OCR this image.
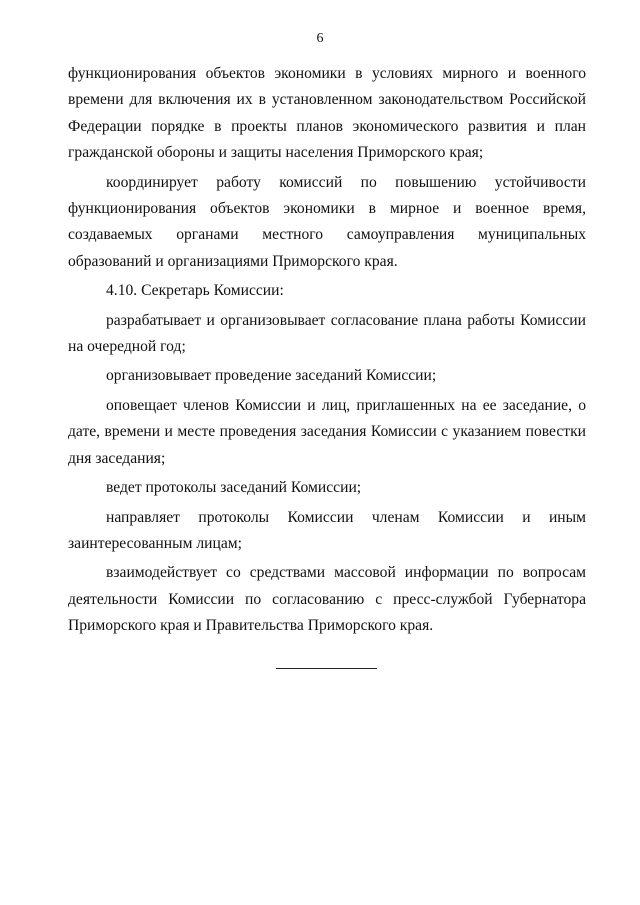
6

функционирования объектов экономики в условиях мирного и военного времени для включения их в установленном законодательством Российской Федерации порядке в проекты планов экономического развития и план гражданской обороны и защиты населения Приморского края;

координирует работу комиссий по повышению устойчивости функционирования объектов экономики в мирное и военное время, создаваемых органами местного самоуправления муниципальных образований и организациями Приморского края.

4.10. Секретарь Комиссии:

разрабатывает и организовывает согласование плана работы Комиссии на очередной год;

организовывает проведение заседаний Комиссии;

оповещает членов Комиссии и лиц, приглашенных на ее заседание, о дате, времени и месте проведения заседания Комиссии с указанием повестки дня заседания;

ведет протоколы заседаний Комиссии;

направляет протоколы Комиссии членам Комиссии и иным заинтересованным лицам;

взаимодействует со средствами массовой информации по вопросам деятельности Комиссии по согласованию с пресс-службой Губернатора Приморского края и Правительства Приморского края.
